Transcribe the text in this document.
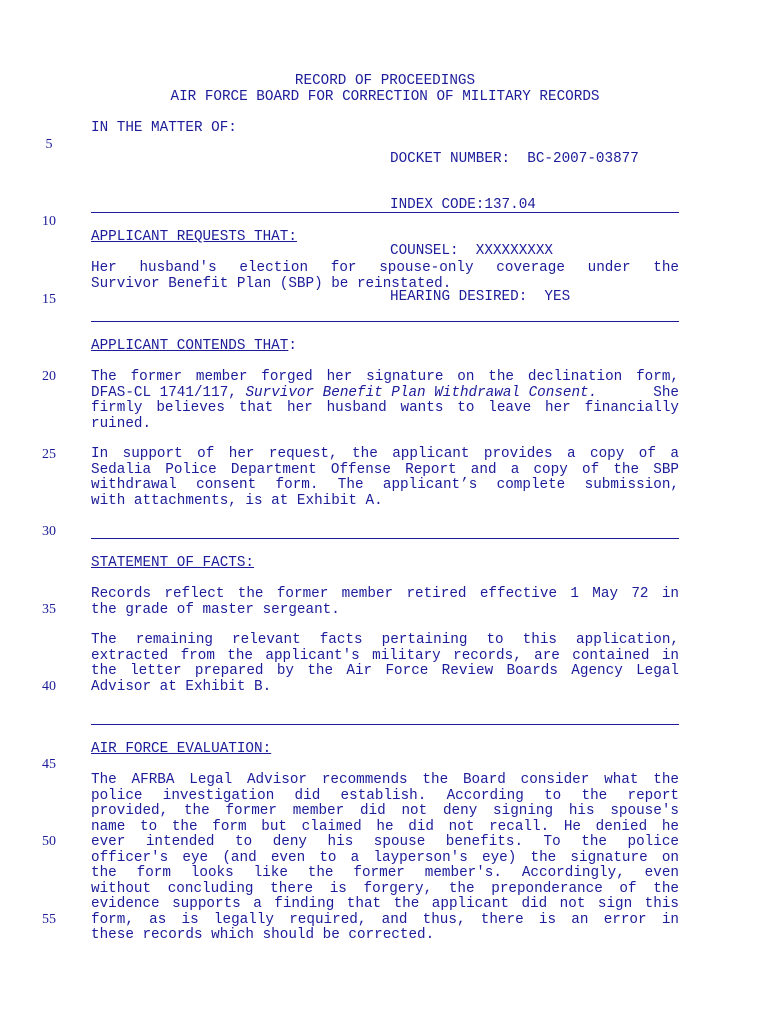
RECORD OF PROCEEDINGS
AIR FORCE BOARD FOR CORRECTION OF MILITARY RECORDS
IN THE MATTER OF:

DOCKET NUMBER:  BC-2007-03877

INDEX CODE:137.04

COUNSEL:  XXXXXXXXX

HEARING DESIRED:  YES

5
10
15
20
25
30
35
40
45
50
55
APPLICANT REQUESTS THAT:
Her husband's election for spouse-only coverage under the
Survivor Benefit Plan (SBP) be reinstated.
APPLICANT CONTENDS THAT:
The former member forged her signature on the declination form,
DFAS-CL 1741/117, Survivor Benefit Plan Withdrawal Consent.	She
firmly believes that her husband wants to leave her financially
ruined.
In support of her request, the applicant provides a copy of a
Sedalia Police Department Offense Report and a copy of the SBP
withdrawal consent form. The applicant’s complete submission,
with attachments, is at Exhibit A.
STATEMENT OF FACTS:
Records reflect the former member retired effective 1 May 72 in
the grade of master sergeant.
The remaining relevant facts pertaining to this application,
extracted from the applicant's military records, are contained in
the letter prepared by the Air Force Review Boards Agency Legal
Advisor at Exhibit B.
AIR FORCE EVALUATION:
The AFRBA Legal Advisor recommends the Board consider what the
police investigation did establish. According to the report
provided, the former member did not deny signing his spouse's
name to the form but claimed he did not recall. He denied he
ever intended to deny his spouse benefits. To the police
officer's eye (and even to a layperson's eye) the signature on
the form looks like the former member's. Accordingly, even
without concluding there is forgery, the preponderance of the
evidence supports a finding that the applicant did not sign this
form, as is legally required, and thus, there is an error in
these records which should be corrected.
